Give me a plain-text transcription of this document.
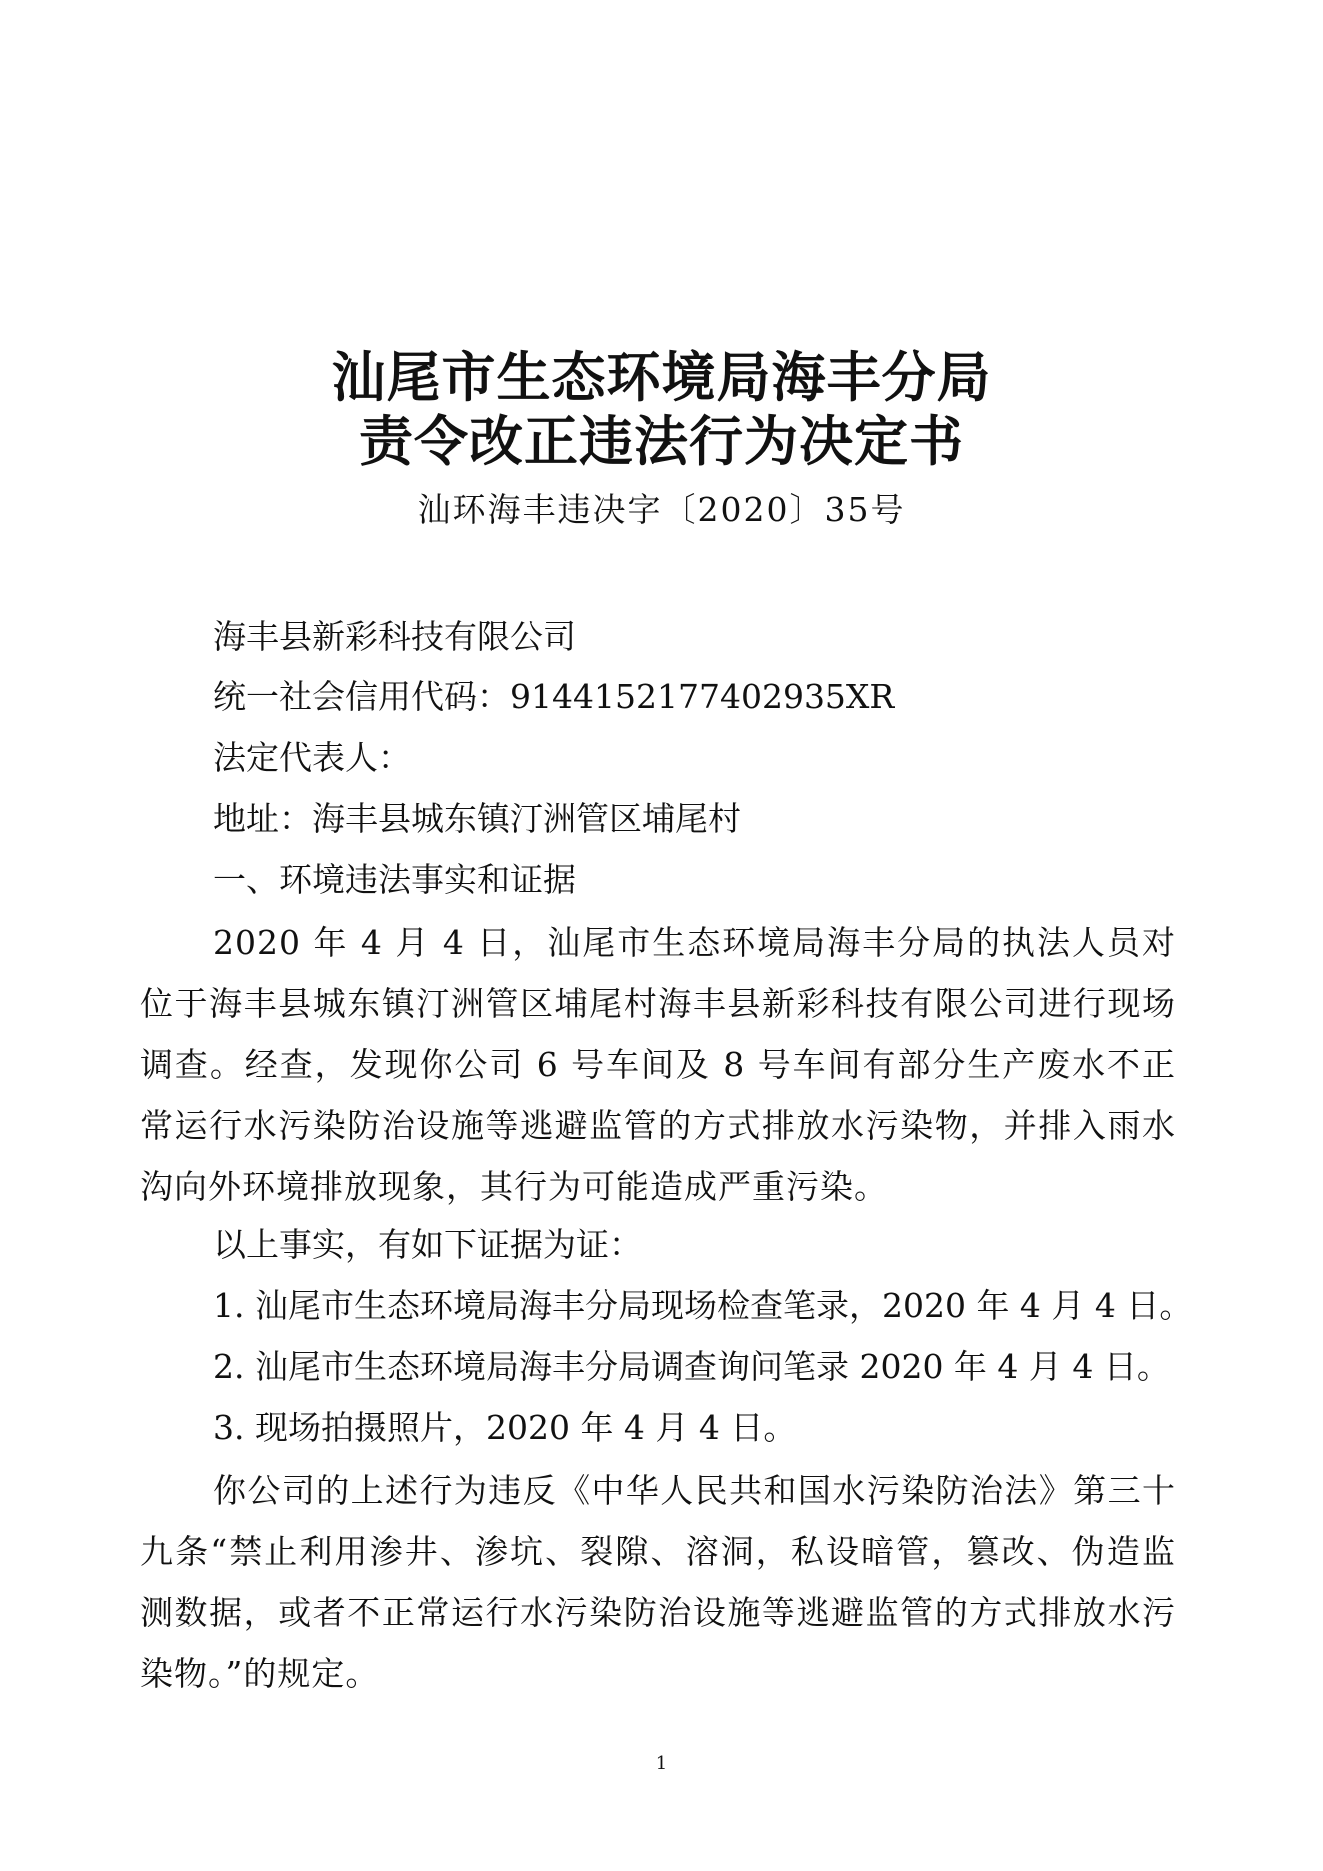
汕尾市生态环境局海丰分局
责令改正违法行为决定书
汕环海丰违决字〔2020〕35号
海丰县新彩科技有限公司
统一社会信用代码：9144152177402935XR
法定代表人：
地址：海丰县城东镇汀洲管区埔尾村
一、环境违法事实和证据
2020 年 4 月 4 日，汕尾市生态环境局海丰分局的执法人员对位于海丰县城东镇汀洲管区埔尾村海丰县新彩科技有限公司进行现场调查。经查，发现你公司 6 号车间及 8 号车间有部分生产废水不正常运行水污染防治设施等逃避监管的方式排放水污染物，并排入雨水沟向外环境排放现象，其行为可能造成严重污染。
以上事实，有如下证据为证：
1. 汕尾市生态环境局海丰分局现场检查笔录，2020 年 4 月 4 日。
2. 汕尾市生态环境局海丰分局调查询问笔录 2020 年 4 月 4 日。
3. 现场拍摄照片，2020 年 4 月 4 日。
你公司的上述行为违反《中华人民共和国水污染防治法》第三十九条“禁止利用渗井、渗坑、裂隙、溶洞，私设暗管，篡改、伪造监测数据，或者不正常运行水污染防治设施等逃避监管的方式排放水污染物。”的规定。
1
